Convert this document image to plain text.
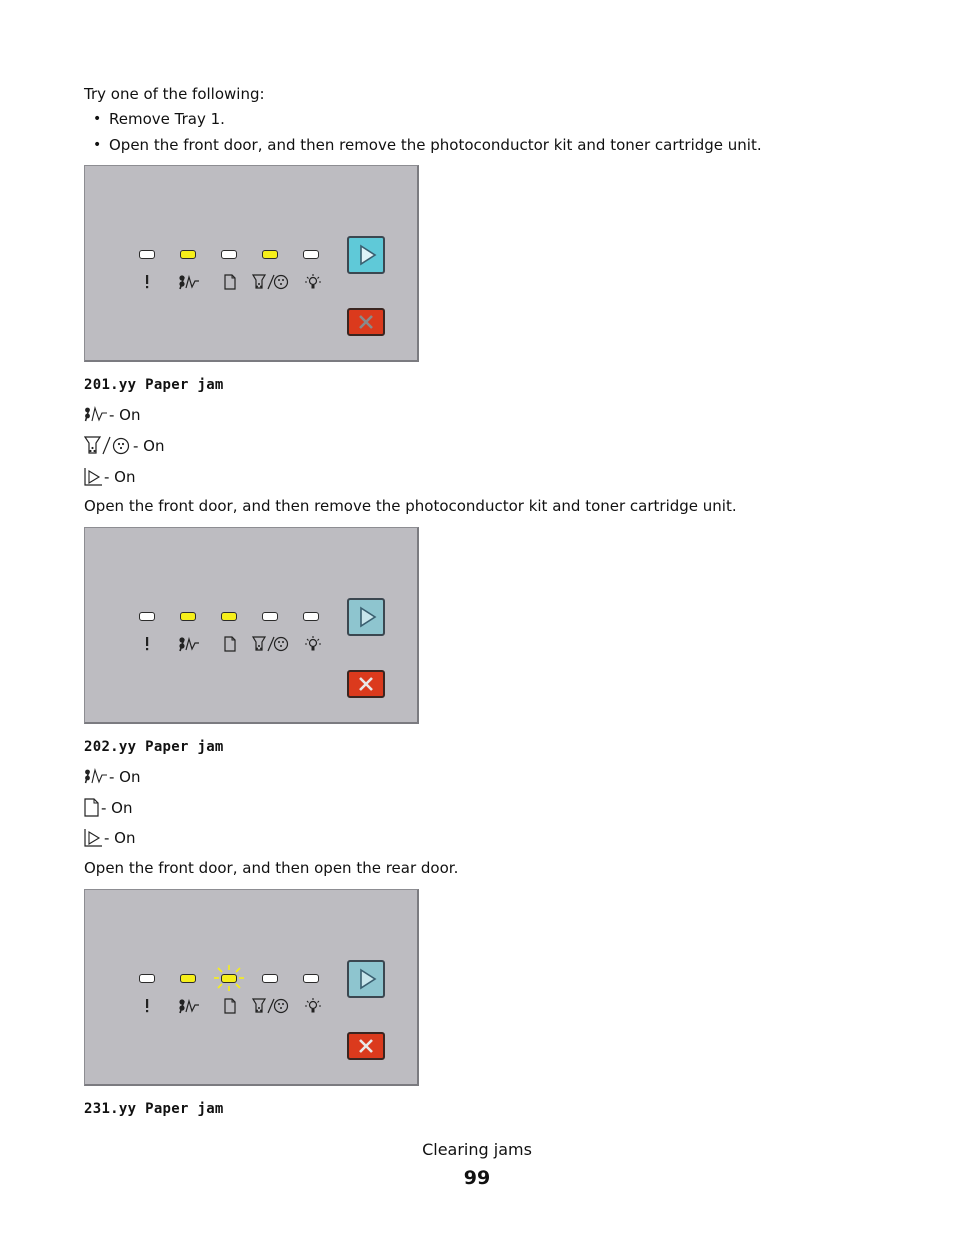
Try one of the following:
• Remove Tray 1.
• Open the front door, and then remove the photoconductor kit and toner cartridge unit.
201.yy Paper jam
- On
- On
- On
Open the front door, and then remove the photoconductor kit and toner cartridge unit.
202.yy Paper jam
- On
- On
- On
Open the front door, and then open the rear door.
231.yy Paper jam
Clearing jams
99
